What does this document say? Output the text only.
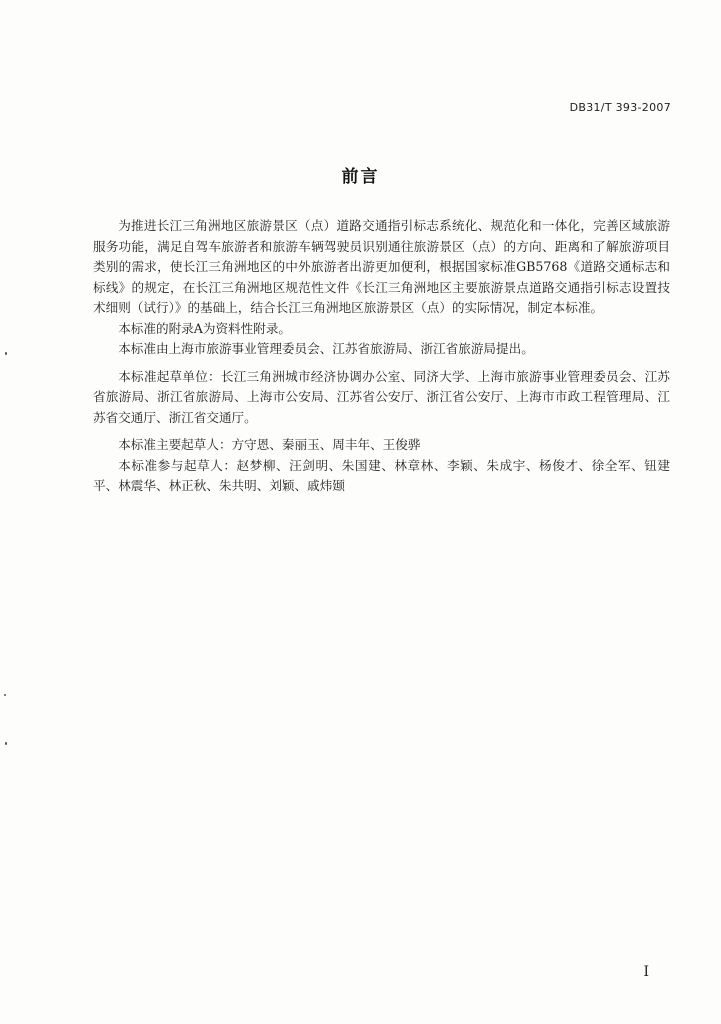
DB31/T 393-2007
前言

为推进长江三角洲地区旅游景区（点）道路交通指引标志系统化、规范化和一体化，完善区域旅游服务功能，满足自驾车旅游者和旅游车辆驾驶员识别通往旅游景区（点）的方向、距离和了解旅游项目类别的需求，使长江三角洲地区的中外旅游者出游更加便利，根据国家标准GB5768《道路交通标志和标线》的规定，在长江三角洲地区规范性文件《长江三角洲地区主要旅游景点道路交通指引标志设置技术细则（试行）》的基础上，结合长江三角洲地区旅游景区（点）的实际情况，制定本标准。

本标准的附录A为资料性附录。

本标准由上海市旅游事业管理委员会、江苏省旅游局、浙江省旅游局提出。

本标准起草单位：长江三角洲城市经济协调办公室、同济大学、上海市旅游事业管理委员会、江苏省旅游局、浙江省旅游局、上海市公安局、江苏省公安厅、浙江省公安厅、上海市市政工程管理局、江苏省交通厅、浙江省交通厅。

本标准主要起草人：方守恩、秦丽玉、周丰年、王俊骅

本标准参与起草人：赵梦柳、汪剑明、朱国建、林章林、李颖、朱成宇、杨俊才、徐全军、钮建平、林震华、林正秋、朱共明、刘颖、戚炜颋

I
